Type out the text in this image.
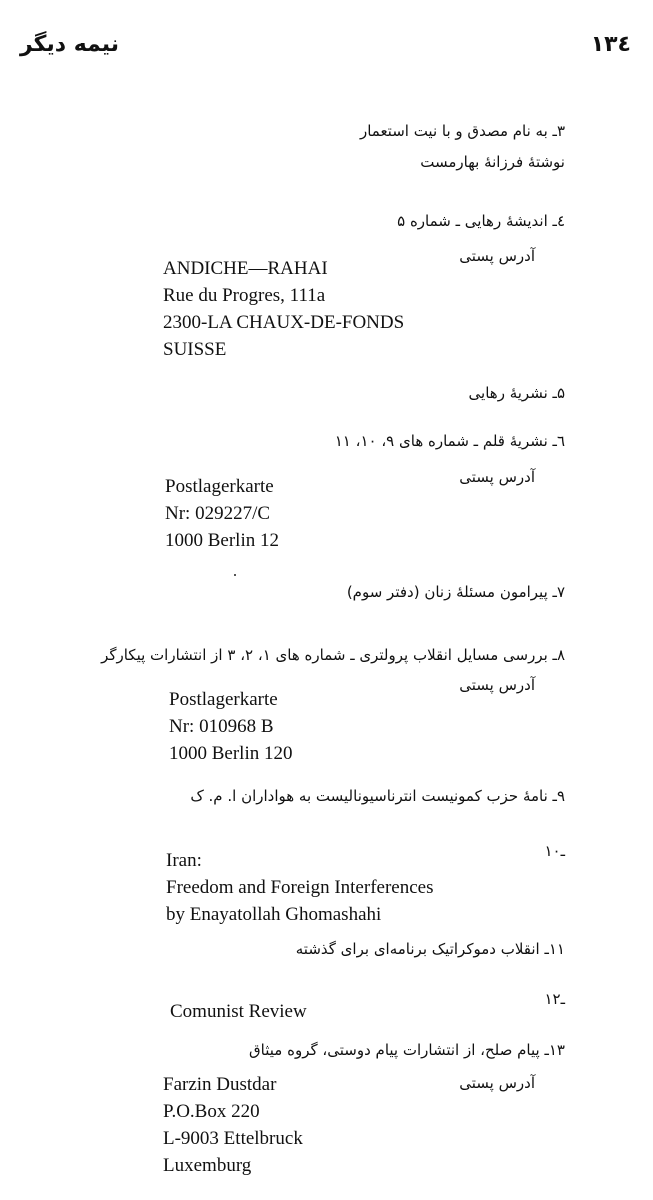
نیمه دیگر	۱۳٤
۳ـ به نام مصدق و با نیت استعمار
نوشتهٔ فرزانهٔ بهارمست
٤ـ اندیشهٔ رهایی ـ شماره ۵
آدرس پستی
ANDICHE—RAHAI
Rue du Progres, 111a
2300-LA CHAUX-DE-FONDS
SUISSE
۵ـ نشریهٔ رهایی
٦ـ نشریهٔ قلم ـ شماره های ۹، ۱۰، ۱۱
آدرس پستی
Postlagerkarte
Nr: 029227/C
1000 Berlin 12
۷ـ پیرامون مسئلهٔ زنان (دفتر سوم)
۸ـ بررسی مسایل انقلاب پرولتری ـ شماره های ۱، ۲، ۳ از انتشارات پیکارگر
آدرس پستی
Postlagerkarte
Nr: 010968 B
1000 Berlin 120
۹ـ نامهٔ حزب کمونیست انترناسیونالیست به هواداران ا. م. ک
ـ۱۰
Iran:
Freedom and Foreign Interferences
by Enayatollah Ghomashahi
۱۱ـ انقلاب دموکراتیک برنامه‌ای برای گذشته
ـ۱۲
Comunist Review
۱۳ـ پیام صلح، از انتشارات پیام دوستی، گروه میثاق
آدرس پستی
Farzin Dustdar
P.O.Box 220
L-9003 Ettelbruck
Luxemburg
